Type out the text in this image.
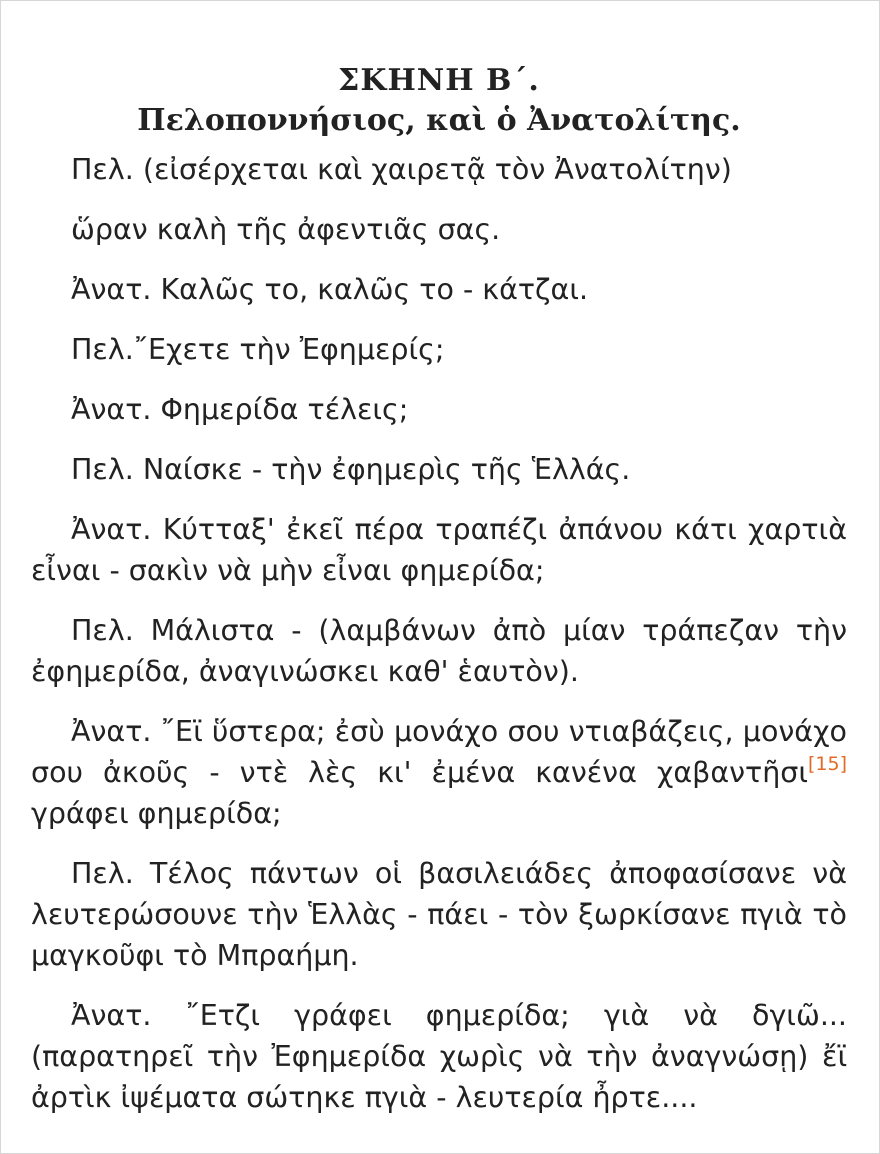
ΣΚΗΝΗ Β΄.
Πελοποννήσιος, καὶ ὁ Ἀνατολίτης.

Πελ. (εἰσέρχεται καὶ χαιρετᾷ τὸν Ἀνατολίτην)

ὥραν καλὴ τῆς ἀφεντιᾶς σας.

Ἀνατ. Καλῶς το, καλῶς το - κάτζαι.

Πελ.῎Εχετε τὴν Ἐφημερίς;

Ἀνατ. Φημερίδα τέλεις;

Πελ. Ναίσκε - τὴν ἐφημερὶς τῆς Ἑλλάς.

Ἀνατ. Κύτταξ' ἐκεῖ πέρα τραπέζι ἀπάνου κάτι χαρτιὰ εἶναι - σακὶν νὰ μὴν εἶναι φημερίδα;

Πελ. Μάλιστα - (λαμβάνων ἀπὸ μίαν τράπεζαν τὴν ἐφημερίδα, ἀναγινώσκει καθ' ἑαυτὸν).

Ἀνατ. ῎Εϊ ὕστερα; ἐσὺ μονάχο σου ντιαβάζεις, μονάχο σου ἀκοῦς - ντὲ λὲς κι' ἐμένα κανένα χαβαντῆσι[15] γράφει φημερίδα;

Πελ. Τέλος πάντων οἱ βασιλειάδες ἀποφασίσανε νὰ λευτερώσουνε τὴν Ἑλλὰς - πάει - τὸν ξωρκίσανε πγιὰ τὸ μαγκοῦφι τὸ Μπραήμη.

Ἀνατ. ῎Ετζι γράφει φημερίδα; γιὰ νὰ δγιῶ... (παρατηρεῖ τὴν Ἐφημερίδα χωρὶς νὰ τὴν ἀναγνώσῃ) ἔϊ ἀρτὶκ ἰψέματα σώτηκε πγιὰ - λευτερία ἦρτε....
